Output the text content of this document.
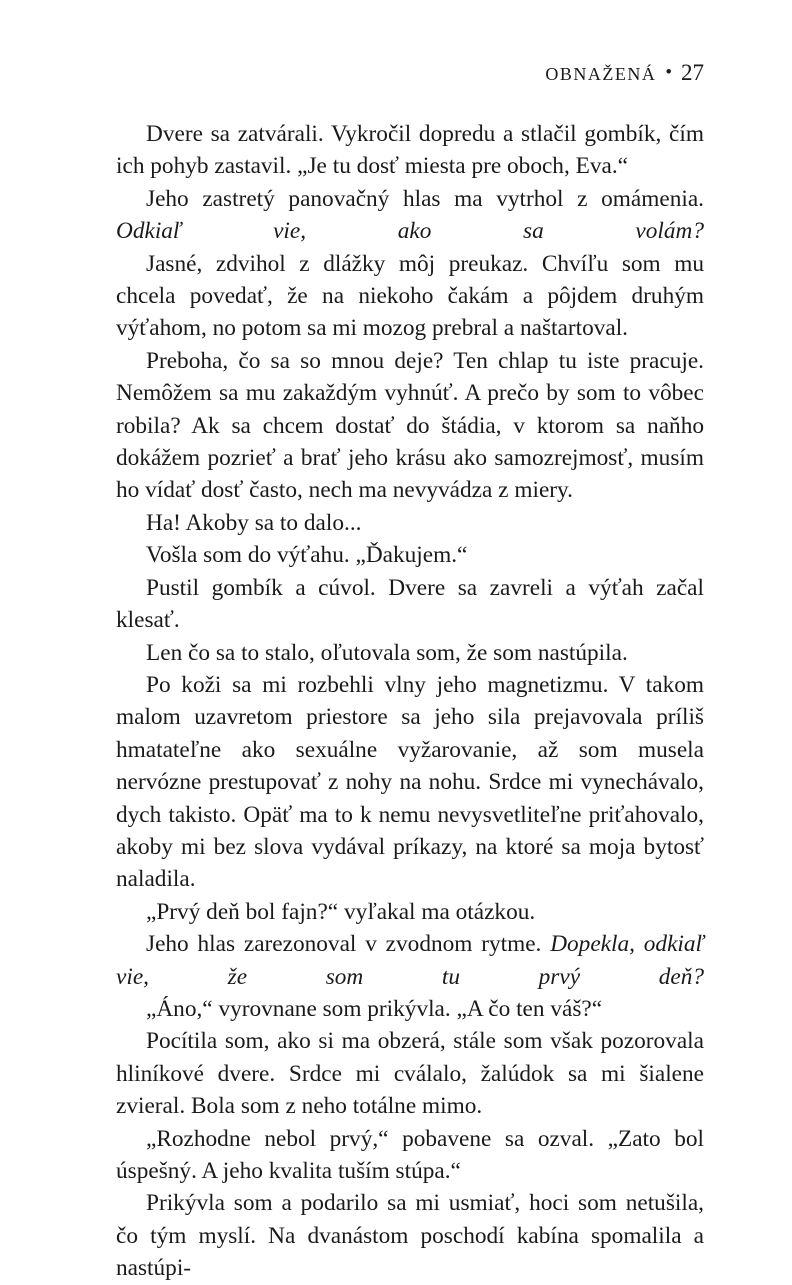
OBNAŽENÁ • 27

Dvere sa zatvárali. Vykročil dopredu a stlačil gombík, čím ich pohyb zastavil. „Je tu dosť miesta pre oboch, Eva.“

Jeho zastretý panovačný hlas ma vytrhol z omámenia. Odkiaľ vie, ako sa volám?

Jasné, zdvihol z dlážky môj preukaz. Chvíľu som mu chcela povedať, že na niekoho čakám a pôjdem druhým výťahom, no potom sa mi mozog prebral a naštartoval.

Preboha, čo sa so mnou deje? Ten chlap tu iste pracuje. Nemôžem sa mu zakaždým vyhnúť. A prečo by som to vôbec robila? Ak sa chcem dostať do štádia, v ktorom sa naňho dokážem pozrieť a brať jeho krásu ako samozrejmosť, musím ho vídať dosť často, nech ma nevyvádza z miery.

Ha! Akoby sa to dalo...

Vošla som do výťahu. „Ďakujem.“

Pustil gombík a cúvol. Dvere sa zavreli a výťah začal klesať.

Len čo sa to stalo, oľutovala som, že som nastúpila.

Po koži sa mi rozbehli vlny jeho magnetizmu. V takom malom uzavretom priestore sa jeho sila prejavovala príliš hmatateľne ako sexuálne vyžarovanie, až som musela nervózne prestupovať z nohy na nohu. Srdce mi vynechávalo, dych takisto. Opäť ma to k nemu nevysvetliteľne priťahovalo, akoby mi bez slova vydával príkazy, na ktoré sa moja bytosť naladila.

„Prvý deň bol fajn?“ vyľakal ma otázkou.

Jeho hlas zarezonoval v zvodnom rytme. Dopekla, odkiaľ vie, že som tu prvý deň?

„Áno,“ vyrovnane som prikývla. „A čo ten váš?“

Pocítila som, ako si ma obzerá, stále som však pozorovala hliníkové dvere. Srdce mi cválalo, žalúdok sa mi šialene zvieral. Bola som z neho totálne mimo.

„Rozhodne nebol prvý,“ pobavene sa ozval. „Zato bol úspešný. A jeho kvalita tuším stúpa.“

Prikývla som a podarilo sa mi usmiať, hoci som netušila, čo tým myslí. Na dvanástom poschodí kabína spomalila a nastúpi-
